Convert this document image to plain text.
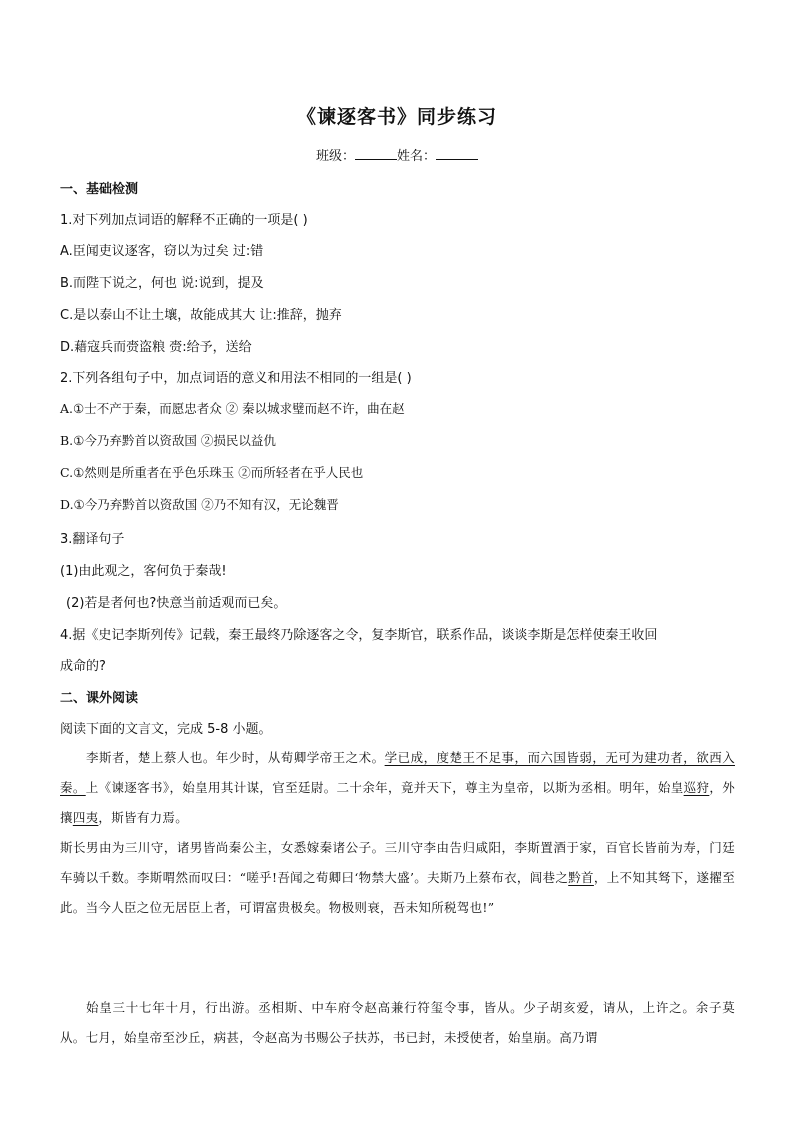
《谏逐客书》同步练习
班级：	姓名：
一、基础检测
1.对下列加点词语的解释不正确的一项是( )
A.臣闻吏议逐客，窃以为过矣 过:错
B.而陛下说之，何也 说:说到，提及
C.是以泰山不让土壤，故能成其大 让:推辞，抛弃
D.藉寇兵而赍盗粮 赍:给予，送给
2.下列各组句子中，加点词语的意义和用法不相同的一组是( )
A.①士不产于秦，而愿忠者众 ② 秦以城求璧而赵不许，曲在赵
B.①今乃弃黔首以资敌国 ②损民以益仇
C.①然则是所重者在乎色乐珠玉 ②而所轻者在乎人民也
D.①今乃弃黔首以资敌国 ②乃不知有汉，无论魏晋
3.翻译句子
(1)由此观之，客何负于秦哉!
(2)若是者何也?快意当前适观而已矣。
4.据《史记李斯列传》记载，秦王最终乃除逐客之令，复李斯官，联系作品，谈谈李斯是怎样使秦王收回
成命的?
二、课外阅读
阅读下面的文言文，完成 5-8 小题。
李斯者，楚上蔡人也。年少时，从荀卿学帝王之术。学已成，度楚王不足事，而六国皆弱，无可为建功者，欲西入秦。上《谏逐客书》，始皇用其计谋，官至廷尉。二十余年，竟并天下，尊主为皇帝，以斯为丞相。明年，始皇巡狩，外攘四夷，斯皆有力焉。
斯长男由为三川守，诸男皆尚秦公主，女悉嫁秦诸公子。三川守李由告归咸阳，李斯置酒于家，百官长皆前为寿，门廷车骑以千数。李斯喟然而叹曰：“嗟乎!吾闻之荀卿曰‘物禁大盛’。夫斯乃上蔡布衣，闾巷之黔首，上不知其驽下，遂擢至此。当今人臣之位无居臣上者，可谓富贵极矣。物极则衰，吾未知所税驾也!”
始皇三十七年十月，行出游。丞相斯、中车府令赵高兼行符玺令事，皆从。少子胡亥爱，请从，上许之。余子莫从。七月，始皇帝至沙丘，病甚，令赵高为书赐公子扶苏，书已封，未授使者，始皇崩。高乃谓
